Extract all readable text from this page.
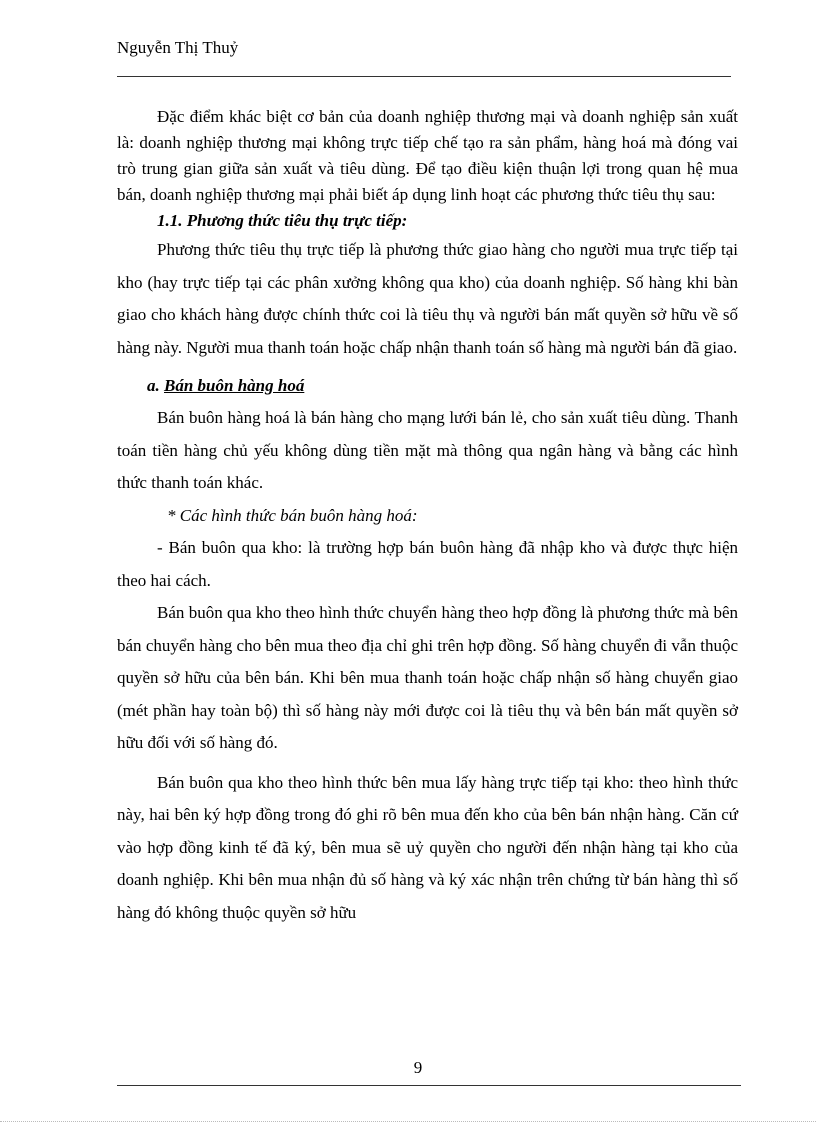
Nguyễn Thị Thuỷ

Đặc điểm khác biệt cơ bản của doanh nghiệp thương mại và doanh nghiệp sản xuất là: doanh nghiệp thương mại không trực tiếp chế tạo ra sản phẩm, hàng hoá mà đóng vai trò trung gian giữa sản xuất và tiêu dùng. Để tạo điều kiện thuận lợi trong quan hệ mua bán, doanh nghiệp thương mại phải biết áp dụng linh hoạt các phương thức tiêu thụ sau:

1.1. Phương thức tiêu thụ trực tiếp:

Phương thức tiêu thụ trực tiếp là phương thức giao hàng cho người mua trực tiếp tại kho (hay trực tiếp tại các phân xưởng không qua kho) của doanh nghiệp. Số hàng khi bàn giao cho khách hàng được chính thức coi là tiêu thụ và người bán mất quyền sở hữu về số hàng này. Người mua thanh toán hoặc chấp nhận thanh toán số hàng mà người bán đã giao.

a. Bán buôn hàng hoá

Bán buôn hàng hoá là bán hàng cho mạng lưới bán lẻ, cho sản xuất tiêu dùng. Thanh toán tiền hàng chủ yếu không dùng tiền mặt mà thông qua ngân hàng và bằng các hình thức thanh toán khác.

* Các hình thức bán buôn hàng hoá:

- Bán buôn qua kho: là trường hợp bán buôn hàng đã nhập kho và được thực hiện theo hai cách.

Bán buôn qua kho theo hình thức chuyển hàng theo hợp đồng là phương thức mà bên bán chuyển hàng cho bên mua theo địa chỉ ghi trên hợp đồng. Số hàng chuyển đi vẫn thuộc quyền sở hữu của bên bán. Khi bên mua thanh toán hoặc chấp nhận số hàng chuyển giao (mét phần hay toàn bộ) thì số hàng này mới được coi là tiêu thụ và bên bán mất quyền sở hữu đối với số hàng đó.

Bán buôn qua kho theo hình thức bên mua lấy hàng trực tiếp tại kho: theo hình thức này, hai bên ký hợp đồng trong đó ghi rõ bên mua đến kho của bên bán nhận hàng. Căn cứ vào hợp đồng kinh tế đã ký, bên mua sẽ uỷ quyền cho người đến nhận hàng tại kho của doanh nghiệp. Khi bên mua nhận đủ số hàng và ký xác nhận trên chứng từ bán hàng thì số hàng đó không thuộc quyền sở hữu

9
